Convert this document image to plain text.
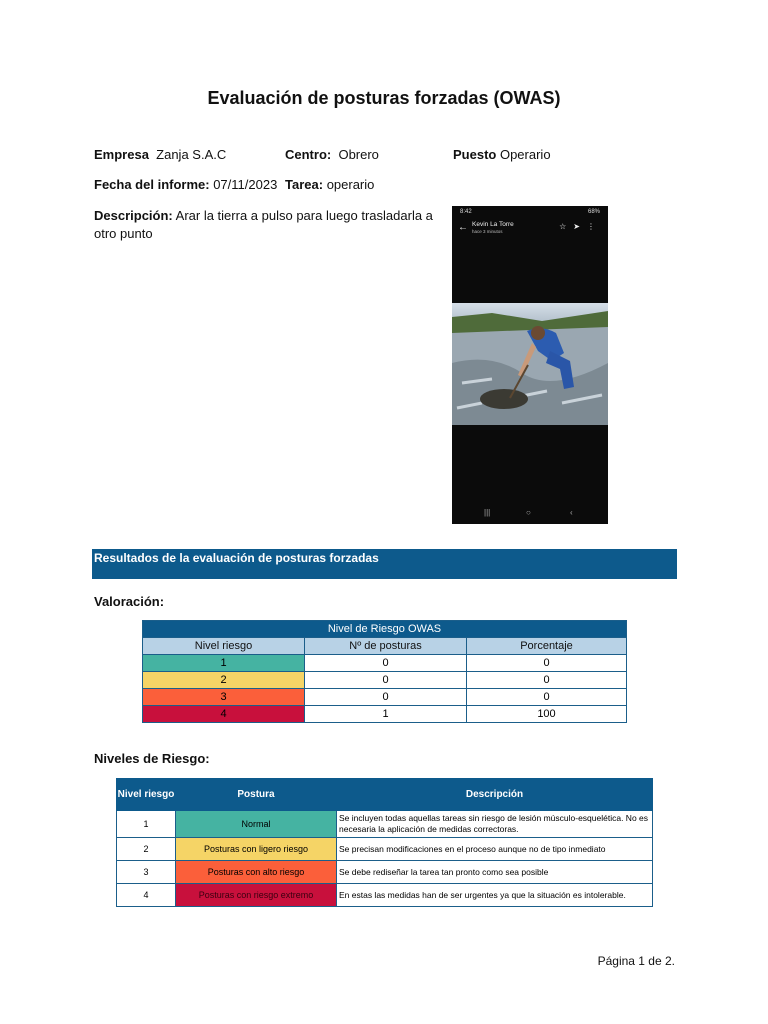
Evaluación de posturas forzadas (OWAS)
Empresa Zanja S.A.C	Centro: Obrero	Puesto Operario
Fecha del informe: 07/11/2023 Tarea: operario
Descripción: Arar la tierra a pulso para luego trasladarla a otro punto
8:42	68%
← Kevin La Torre
hace 3 minutos
☆➤⋮
|||	○	‹
Resultados de la evaluación de posturas forzadas
Valoración:
Nivel de Riesgo OWAS		
Nivel riesgo	Nº de posturas	Porcentaje
1	0	0
2	0	0
3	0	0
4	1	100
Niveles de Riesgo:
Nivel riesgo	Postura	Descripción
1	Normal	Se incluyen todas aquellas tareas sin riesgo de lesión músculo-esquelética. No es necesaria la aplicación de medidas correctoras.
2	Posturas con ligero riesgo	Se precisan modificaciones en el proceso aunque no de tipo inmediato
3	Posturas con alto riesgo	Se debe rediseñar la tarea tan pronto como sea posible
4	Posturas con riesgo extremo	En estas las medidas han de ser urgentes ya que la situación es intolerable.
Página 1 de 2.
